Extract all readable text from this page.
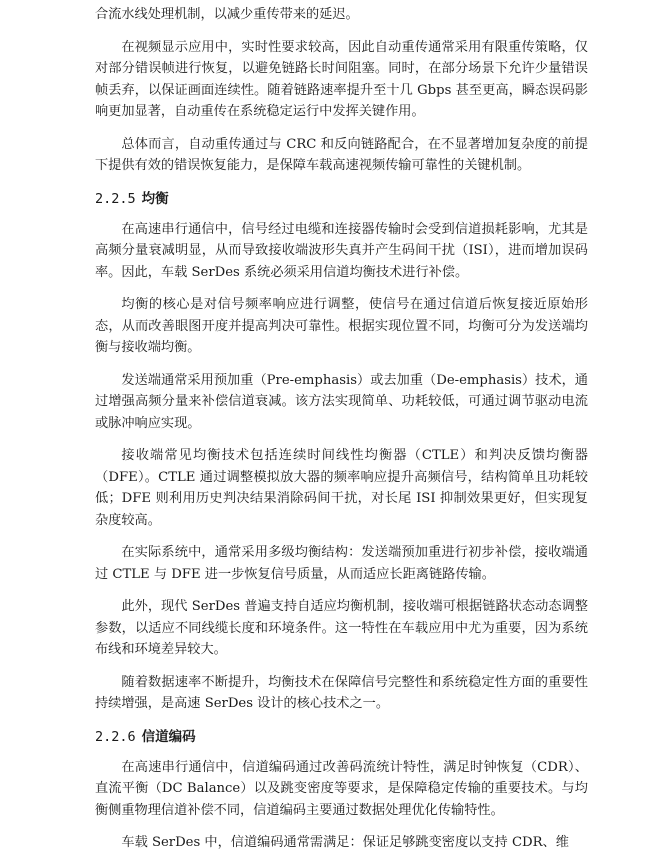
合流水线处理机制，以减少重传带来的延迟。

在视频显示应用中，实时性要求较高，因此自动重传通常采用有限重传策略，仅对部分错误帧进行恢复，以避免链路长时间阻塞。同时，在部分场景下允许少量错误帧丢弃，以保证画面连续性。随着链路速率提升至十几 Gbps 甚至更高，瞬态误码影响更加显著，自动重传在系统稳定运行中发挥关键作用。

总体而言，自动重传通过与 CRC 和反向链路配合，在不显著增加复杂度的前提下提供有效的错误恢复能力，是保障车载高速视频传输可靠性的关键机制。

2.2.5 均衡

在高速串行通信中，信号经过电缆和连接器传输时会受到信道损耗影响，尤其是高频分量衰减明显，从而导致接收端波形失真并产生码间干扰（ISI），进而增加误码率。因此，车载 SerDes 系统必须采用信道均衡技术进行补偿。

均衡的核心是对信号频率响应进行调整，使信号在通过信道后恢复接近原始形态，从而改善眼图开度并提高判决可靠性。根据实现位置不同，均衡可分为发送端均衡与接收端均衡。

发送端通常采用预加重（Pre-emphasis）或去加重（De-emphasis）技术，通过增强高频分量来补偿信道衰减。该方法实现简单、功耗较低，可通过调节驱动电流或脉冲响应实现。

接收端常见均衡技术包括连续时间线性均衡器（CTLE）和判决反馈均衡器（DFE）。CTLE 通过调整模拟放大器的频率响应提升高频信号，结构简单且功耗较低；DFE 则利用历史判决结果消除码间干扰，对长尾 ISI 抑制效果更好，但实现复杂度较高。

在实际系统中，通常采用多级均衡结构：发送端预加重进行初步补偿，接收端通过 CTLE 与 DFE 进一步恢复信号质量，从而适应长距离链路传输。

此外，现代 SerDes 普遍支持自适应均衡机制，接收端可根据链路状态动态调整参数，以适应不同线缆长度和环境条件。这一特性在车载应用中尤为重要，因为系统布线和环境差异较大。

随着数据速率不断提升，均衡技术在保障信号完整性和系统稳定性方面的重要性持续增强，是高速 SerDes 设计的核心技术之一。

2.2.6 信道编码

在高速串行通信中，信道编码通过改善码流统计特性，满足时钟恢复（CDR）、直流平衡（DC Balance）以及跳变密度等要求，是保障稳定传输的重要技术。与均衡侧重物理信道补偿不同，信道编码主要通过数据处理优化传输特性。

车载 SerDes 中，信道编码通常需满足：保证足够跳变密度以支持 CDR、维
